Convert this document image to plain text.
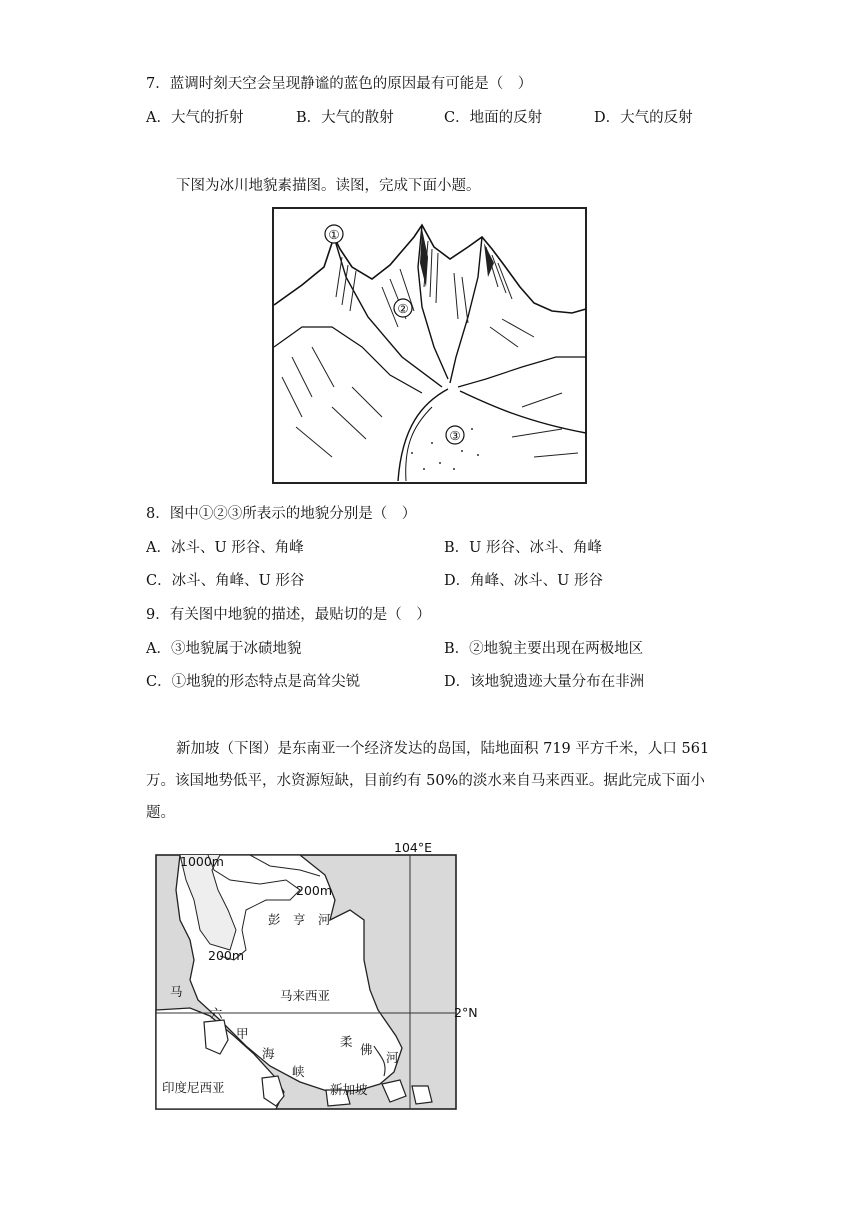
7．蓝调时刻天空会呈现静谧的蓝色的原因最有可能是（　）
A．大气的折射	B．大气的散射	C．地面的反射	D．大气的反射
下图为冰川地貌素描图。读图，完成下面小题。
①
②
③
8．图中①②③所表示的地貌分别是（　）
A．冰斗、U 形谷、角峰	B．U 形谷、冰斗、角峰
C．冰斗、角峰、U 形谷	D．角峰、冰斗、U 形谷
9．有关图中地貌的描述，最贴切的是（　）
A．③地貌属于冰碛地貌	B．②地貌主要出现在两极地区
C．①地貌的形态特点是高耸尖锐	D．该地貌遗迹大量分布在非洲
新加坡（下图）是东南亚一个经济发达的岛国，陆地面积 719 平方千米，人口 561 万。该国地势低平，水资源短缺，目前约有 50%的淡水来自马来西亚。据此完成下面小题。
104°E
2°N
1000m
200m
200m
彭　亨　河
马来西亚
马
六
甲
海
峡
柔
佛
河
印度尼西亚	新加坡
